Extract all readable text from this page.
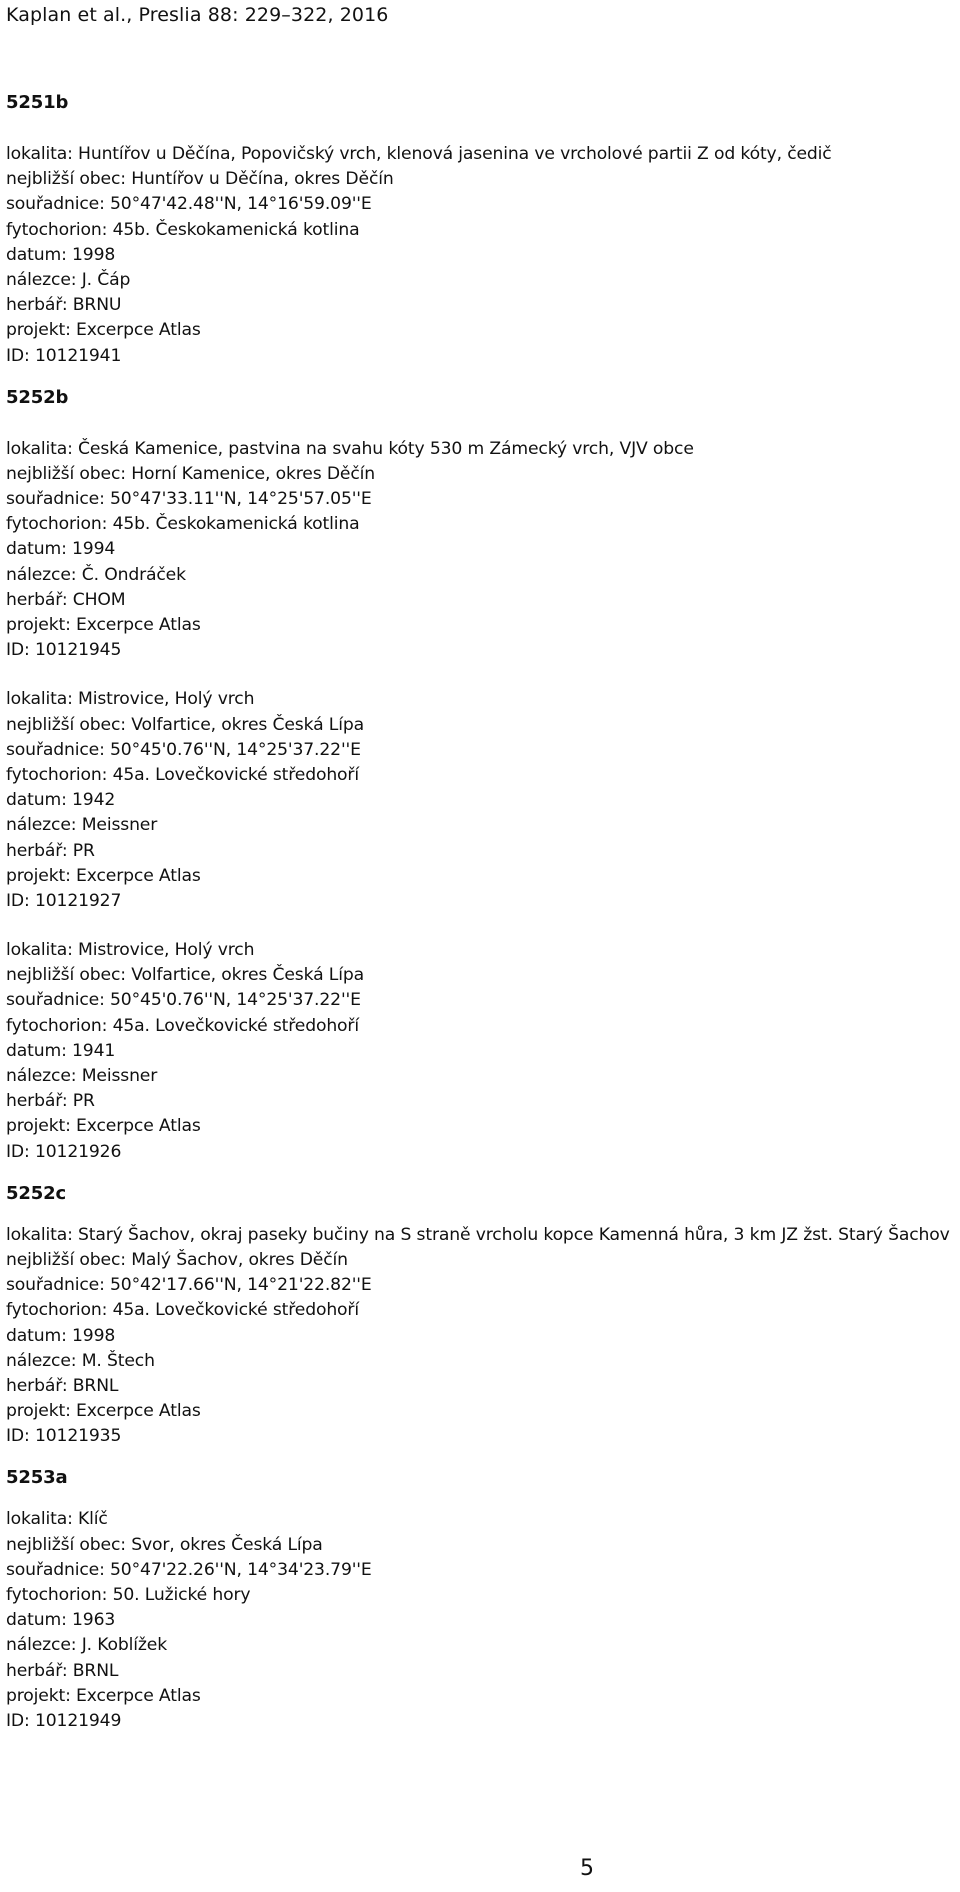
Kaplan et al., Preslia 88: 229–322, 2016
5251b
lokalita: Huntířov u Děčína, Popovičský vrch, klenová jasenina ve vrcholové partii Z od kóty, čedič
nejbližší obec: Huntířov u Děčína, okres Děčín
souřadnice: 50°47'42.48''N, 14°16'59.09''E
fytochorion: 45b. Českokamenická kotlina
datum: 1998
nálezce: J. Čáp
herbář: BRNU
projekt: Excerpce Atlas
ID: 10121941
5252b
lokalita: Česká Kamenice, pastvina na svahu kóty 530 m Zámecký vrch, VJV obce
nejbližší obec: Horní Kamenice, okres Děčín
souřadnice: 50°47'33.11''N, 14°25'57.05''E
fytochorion: 45b. Českokamenická kotlina
datum: 1994
nálezce: Č. Ondráček
herbář: CHOM
projekt: Excerpce Atlas
ID: 10121945
lokalita: Mistrovice, Holý vrch
nejbližší obec: Volfartice, okres Česká Lípa
souřadnice: 50°45'0.76''N, 14°25'37.22''E
fytochorion: 45a. Lovečkovické středohoří
datum: 1942
nálezce: Meissner
herbář: PR
projekt: Excerpce Atlas
ID: 10121927
lokalita: Mistrovice, Holý vrch
nejbližší obec: Volfartice, okres Česká Lípa
souřadnice: 50°45'0.76''N, 14°25'37.22''E
fytochorion: 45a. Lovečkovické středohoří
datum: 1941
nálezce: Meissner
herbář: PR
projekt: Excerpce Atlas
ID: 10121926
5252c
lokalita: Starý Šachov, okraj paseky bučiny na S straně vrcholu kopce Kamenná hůra, 3 km JZ žst. Starý Šachov
nejbližší obec: Malý Šachov, okres Děčín
souřadnice: 50°42'17.66''N, 14°21'22.82''E
fytochorion: 45a. Lovečkovické středohoří
datum: 1998
nálezce: M. Štech
herbář: BRNL
projekt: Excerpce Atlas
ID: 10121935
5253a
lokalita: Klíč
nejbližší obec: Svor, okres Česká Lípa
souřadnice: 50°47'22.26''N, 14°34'23.79''E
fytochorion: 50. Lužické hory
datum: 1963
nálezce: J. Koblížek
herbář: BRNL
projekt: Excerpce Atlas
ID: 10121949
5
